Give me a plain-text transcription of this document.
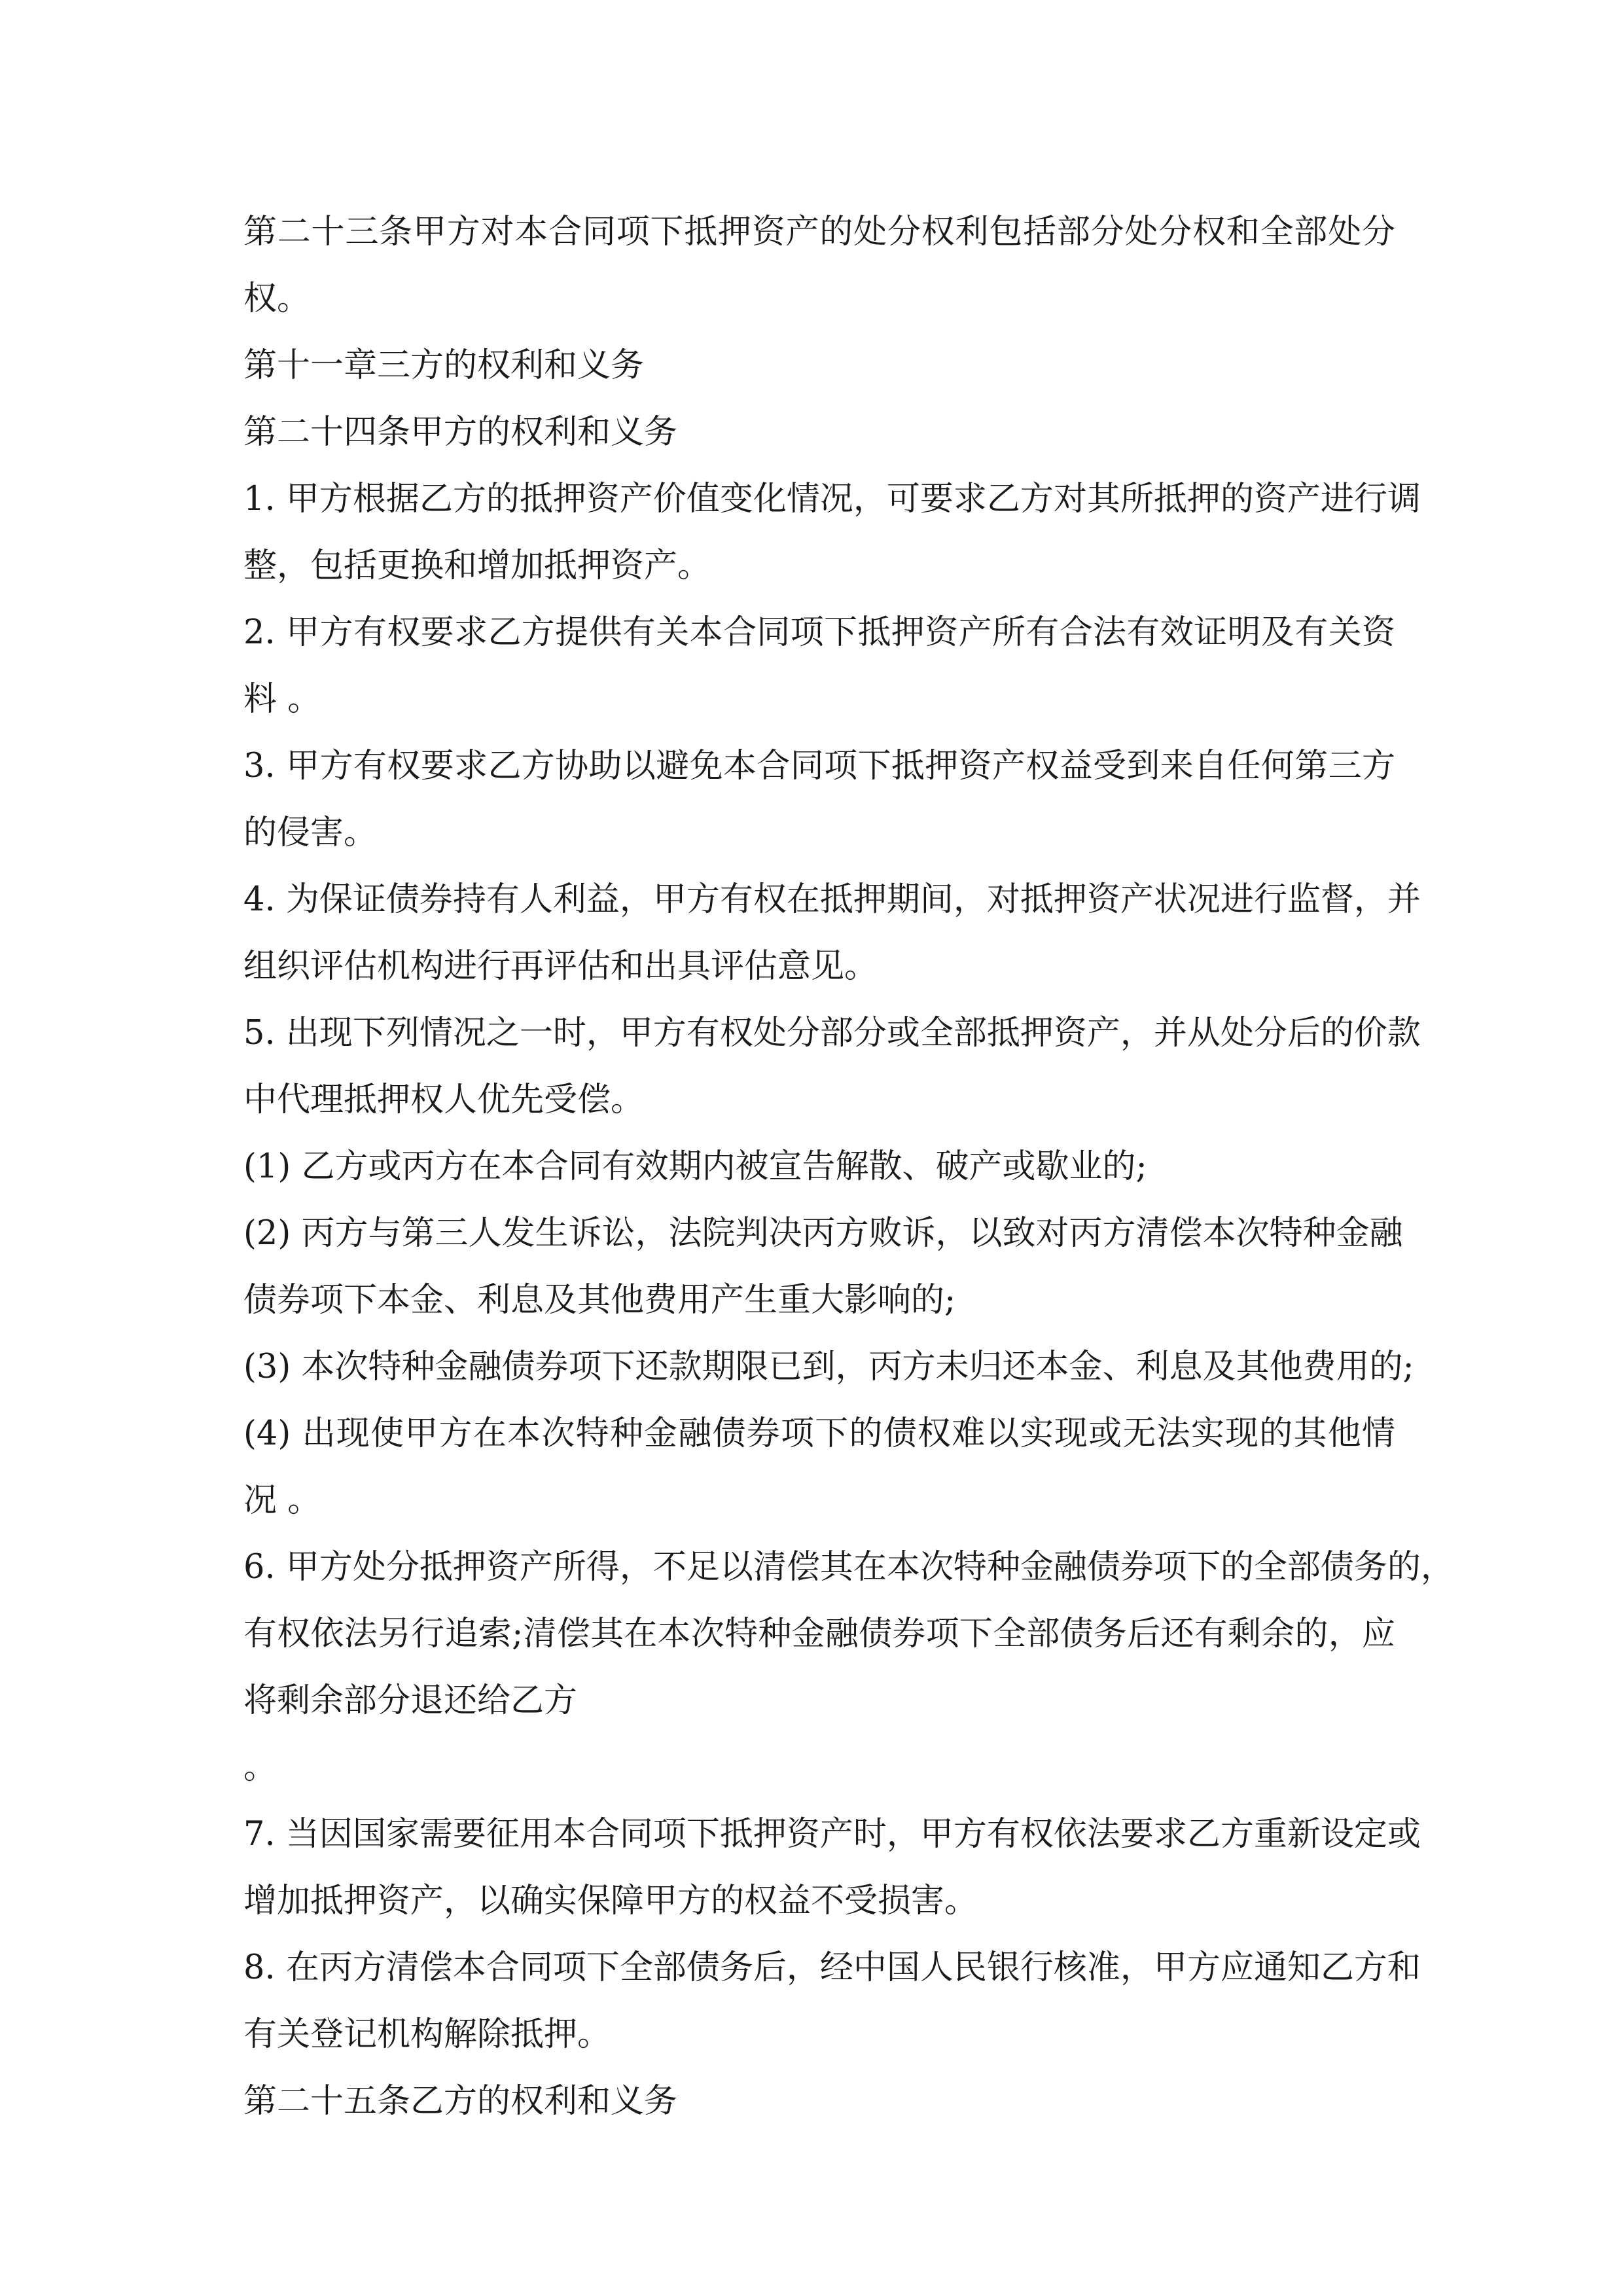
第二十三条甲方对本合同项下抵押资产的处分权利包括部分处分权和全部处分
权。
第十一章三方的权利和义务
第二十四条甲方的权利和义务
1. 甲方根据乙方的抵押资产价值变化情况，可要求乙方对其所抵押的资产进行调
整，包括更换和增加抵押资产。
2. 甲方有权要求乙方提供有关本合同项下抵押资产所有合法有效证明及有关资
料 。
3. 甲方有权要求乙方协助以避免本合同项下抵押资产权益受到来自任何第三方
的侵害。
4. 为保证债券持有人利益，甲方有权在抵押期间，对抵押资产状况进行监督，并
组织评估机构进行再评估和出具评估意见。
5. 出现下列情况之一时，甲方有权处分部分或全部抵押资产，并从处分后的价款
中代理抵押权人优先受偿。
(1) 乙方或丙方在本合同有效期内被宣告解散、破产或歇业的;
(2) 丙方与第三人发生诉讼，法院判决丙方败诉，以致对丙方清偿本次特种金融
债券项下本金、利息及其他费用产生重大影响的;
(3) 本次特种金融债券项下还款期限已到，丙方未归还本金、利息及其他费用的;
(4) 出现使甲方在本次特种金融债券项下的债权难以实现或无法实现的其他情
况 。
6. 甲方处分抵押资产所得，不足以清偿其在本次特种金融债券项下的全部债务的，
有权依法另行追索;清偿其在本次特种金融债券项下全部债务后还有剩余的，应
将剩余部分退还给乙方
。
7. 当因国家需要征用本合同项下抵押资产时，甲方有权依法要求乙方重新设定或
增加抵押资产，以确实保障甲方的权益不受损害。
8. 在丙方清偿本合同项下全部债务后，经中国人民银行核准，甲方应通知乙方和
有关登记机构解除抵押。
第二十五条乙方的权利和义务
